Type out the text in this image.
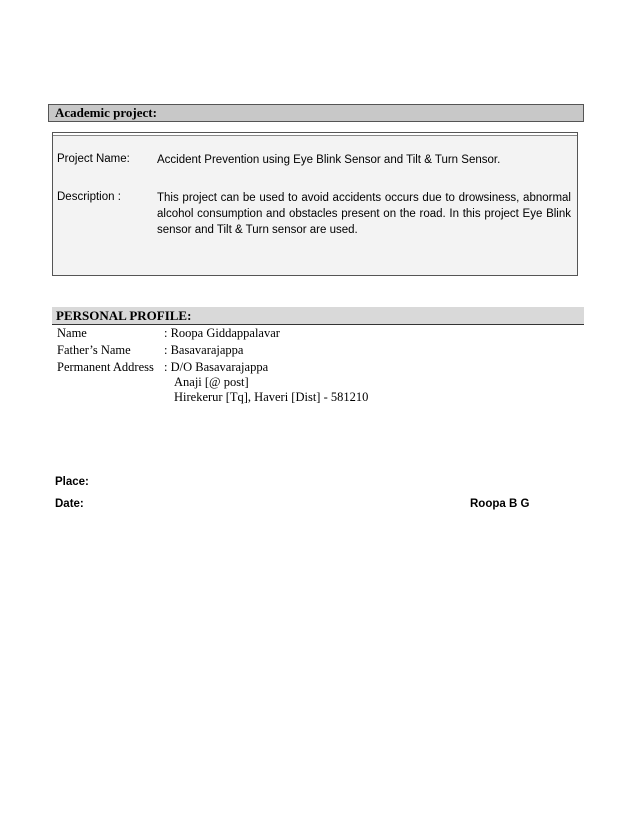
Academic project:
Project Name: Accident Prevention using Eye Blink Sensor and Tilt & Turn Sensor.
Description :	This project can be used to avoid accidents occurs due to drowsiness, abnormal alcohol consumption and obstacles present on the road. In this project Eye Blink sensor and Tilt & Turn sensor are used.
PERSONAL PROFILE:
Name	: Roopa Giddappalavar
Father’s Name	: Basavarajappa
Permanent Address : D/O Basavarajappa
Anaji [@ post]
Hirekerur [Tq], Haveri [Dist] - 581210
Place:
Date:	Roopa B G
